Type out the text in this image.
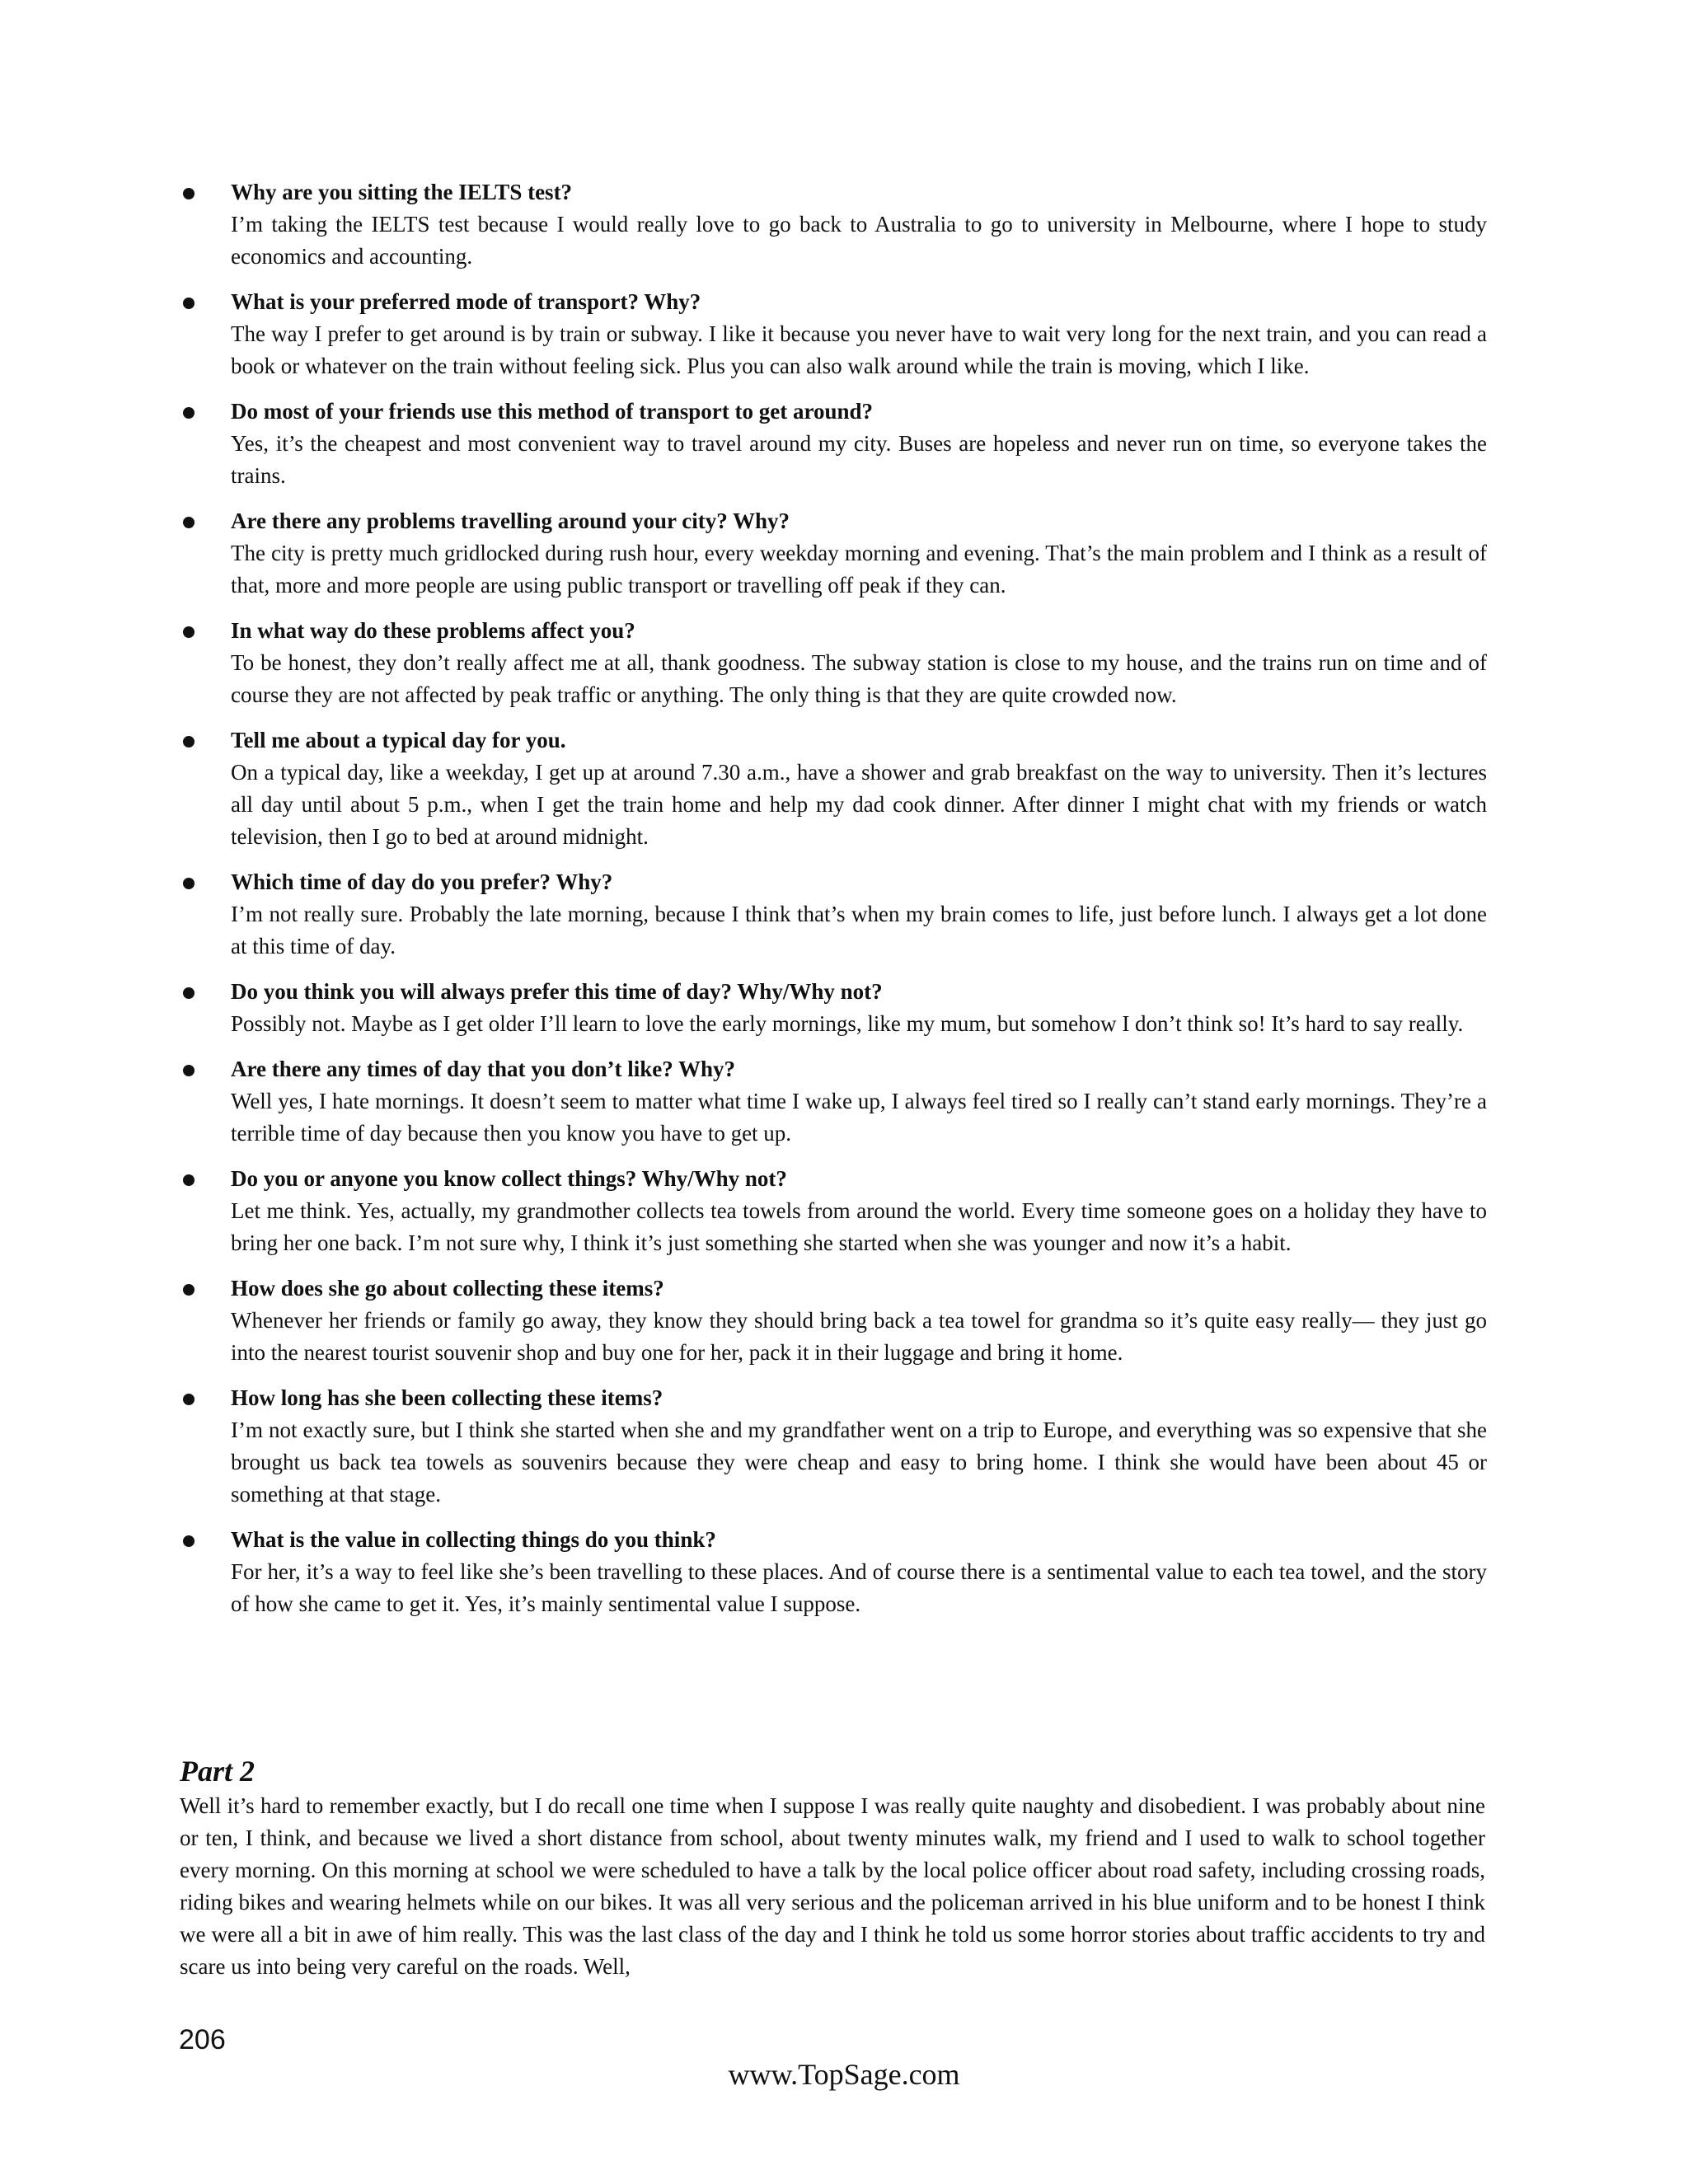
Why are you sitting the IELTS test?

I’m taking the IELTS test because I would really love to go back to Australia to go to university in Melbourne, where I hope to study economics and accounting.

What is your preferred mode of transport? Why?

The way I prefer to get around is by train or subway. I like it because you never have to wait very long for the next train, and you can read a book or whatever on the train without feeling sick. Plus you can also walk around while the train is moving, which I like.

Do most of your friends use this method of transport to get around?

Yes, it’s the cheapest and most convenient way to travel around my city. Buses are hopeless and never run on time, so everyone takes the trains.

Are there any problems travelling around your city? Why?

The city is pretty much gridlocked during rush hour, every weekday morning and evening. That’s the main problem and I think as a result of that, more and more people are using public transport or travelling off peak if they can.

In what way do these problems affect you?

To be honest, they don’t really affect me at all, thank goodness. The subway station is close to my house, and the trains run on time and of course they are not affected by peak traffic or anything. The only thing is that they are quite crowded now.

Tell me about a typical day for you.

On a typical day, like a weekday, I get up at around 7.30 a.m., have a shower and grab breakfast on the way to university. Then it’s lectures all day until about 5 p.m., when I get the train home and help my dad cook dinner. After dinner I might chat with my friends or watch television, then I go to bed at around midnight.

Which time of day do you prefer? Why?

I’m not really sure. Probably the late morning, because I think that’s when my brain comes to life, just before lunch. I always get a lot done at this time of day.

Do you think you will always prefer this time of day? Why/Why not?

Possibly not. Maybe as I get older I’ll learn to love the early mornings, like my mum, but somehow I don’t think so! It’s hard to say really.

Are there any times of day that you don’t like? Why?

Well yes, I hate mornings. It doesn’t seem to matter what time I wake up, I always feel tired so I really can’t stand early mornings. They’re a terrible time of day because then you know you have to get up.

Do you or anyone you know collect things? Why/Why not?

Let me think. Yes, actually, my grandmother collects tea towels from around the world. Every time someone goes on a holiday they have to bring her one back. I’m not sure why, I think it’s just something she started when she was younger and now it’s a habit.

How does she go about collecting these items?

Whenever her friends or family go away, they know they should bring back a tea towel for grandma so it’s quite easy really— they just go into the nearest tourist souvenir shop and buy one for her, pack it in their luggage and bring it home.

How long has she been collecting these items?

I’m not exactly sure, but I think she started when she and my grandfather went on a trip to Europe, and everything was so expensive that she brought us back tea towels as souvenirs because they were cheap and easy to bring home. I think she would have been about 45 or something at that stage.

What is the value in collecting things do you think?

For her, it’s a way to feel like she’s been travelling to these places. And of course there is a sentimental value to each tea towel, and the story of how she came to get it. Yes, it’s mainly sentimental value I suppose.

Part 2

Well it’s hard to remember exactly, but I do recall one time when I suppose I was really quite naughty and disobedient. I was probably about nine or ten, I think, and because we lived a short distance from school, about twenty minutes walk, my friend and I used to walk to school together every morning. On this morning at school we were scheduled to have a talk by the local police officer about road safety, including crossing roads, riding bikes and wearing helmets while on our bikes. It was all very serious and the policeman arrived in his blue uniform and to be honest I think we were all a bit in awe of him really. This was the last class of the day and I think he told us some horror stories about traffic accidents to try and scare us into being very careful on the roads. Well,

206
www.TopSage.com
